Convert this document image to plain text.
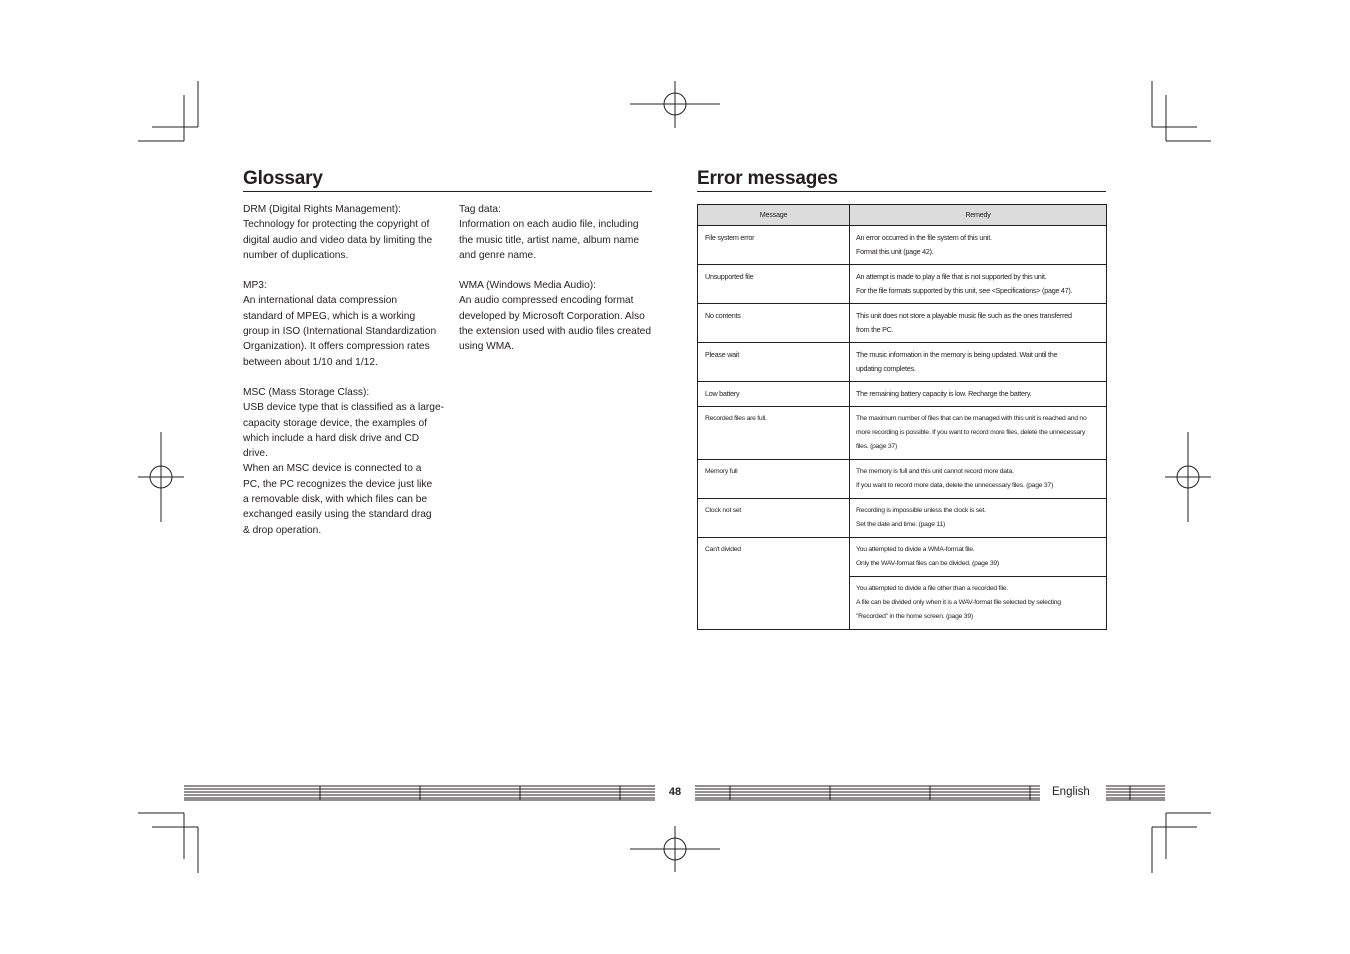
Glossary

DRM (Digital Rights Management):

Technology for protecting the copyright of
digital audio and video data by limiting the
number of duplications.

MP3:

An international data compression
standard of MPEG, which is a working
group in ISO (International Standardization
Organization). It offers compression rates
between about 1/10 and 1/12.

MSC (Mass Storage Class):

USB device type that is classified as a large-
capacity storage device, the examples of
which include a hard disk drive and CD
drive.
When an MSC device is connected to a
PC, the PC recognizes the device just like
a removable disk, with which files can be
exchanged easily using the standard drag
& drop operation.

Tag data:

Information on each audio file, including
the music title, artist name, album name
and genre name.

WMA (Windows Media Audio):

An audio compressed encoding format
developed by Microsoft Corporation. Also
the extension used with audio files created
using WMA.

Error messages
Message	Remedy
File system error	An error occurred in the file system of this unit.
Format this unit (page 42).

Unsupported file	An attempt is made to play a file that is not supported by this unit.
For the file formats supported by this unit, see <Specifications> (page 47).

No contents	This unit does not store a playable music file such as the ones transferred
from the PC.

Please wait	The music information in the memory is being updated. Wait until the
updating completes.

Low battery	The remaining battery capacity is low. Recharge the battery.

Recorded files are full.	The maximum number of files that can be managed with this unit is reached and no
more recording is possible. If you want to record more files, delete the unnecessary
files. (page 37)

Memory full	The memory is full and this unit cannot record more data.
If you want to record more data, delete the unnecessary files. (page 37)

Clock not set	Recording is impossible unless the clock is set.
Set the date and time. (page 11)

Can't divided	You attempted to divide a WMA-format file.
Only the WAV-format files can be divided. (page 39)

	You attempted to divide a file other than a recorded file.
A file can be divided only when it is a WAV-format file selected by selecting
"Recorded" in the home screen. (page 39)
48	English
